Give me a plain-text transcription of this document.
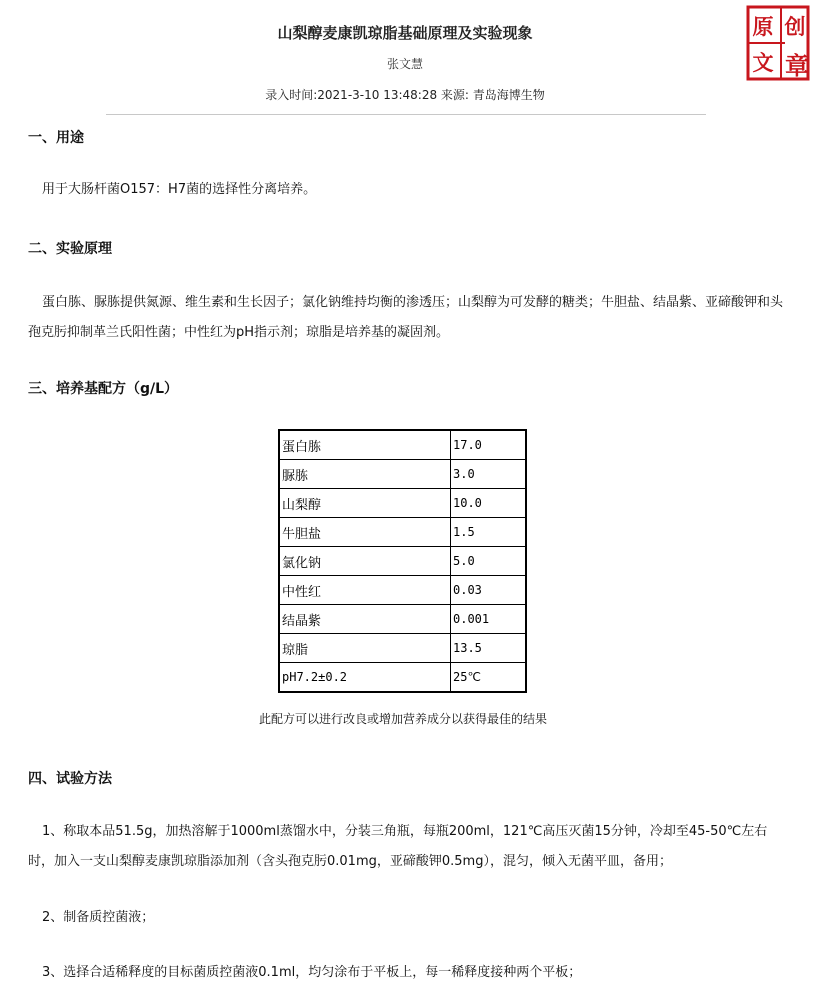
山梨醇麦康凯琼脂基础原理及实验现象
张文慧
录入时间:2021-3-10 13:48:28 来源: 青岛海博生物
原 创
文 章
一、用途
用于大肠杆菌O157：H7菌的选择性分离培养。
二、实验原理
蛋白胨、脲胨提供氮源、维生素和生长因子；氯化钠维持均衡的渗透压；山梨醇为可发酵的糖类；牛胆盐、结晶紫、亚碲酸钾和头孢克肟抑制革兰氏阳性菌；中性红为pH指示剂；琼脂是培养基的凝固剂。
三、培养基配方（g/L）
蛋白胨	17.0
脲胨	3.0
山梨醇	10.0
牛胆盐	1.5
氯化钠	5.0
中性红	0.03
结晶紫	0.001
琼脂	13.5
pH7.2±0.2	25℃
此配方可以进行改良或增加营养成分以获得最佳的结果
四、试验方法
1、称取本品51.5g，加热溶解于1000ml蒸馏水中，分装三角瓶，每瓶200ml，121℃高压灭菌15分钟，冷却至45-50℃左右时，加入一支山梨醇麦康凯琼脂添加剂（含头孢克肟0.01mg，亚碲酸钾0.5mg），混匀，倾入无菌平皿，备用；
2、制备质控菌液；
3、选择合适稀释度的目标菌质控菌液0.1ml，均匀涂布于平板上，每一稀释度接种两个平板；
